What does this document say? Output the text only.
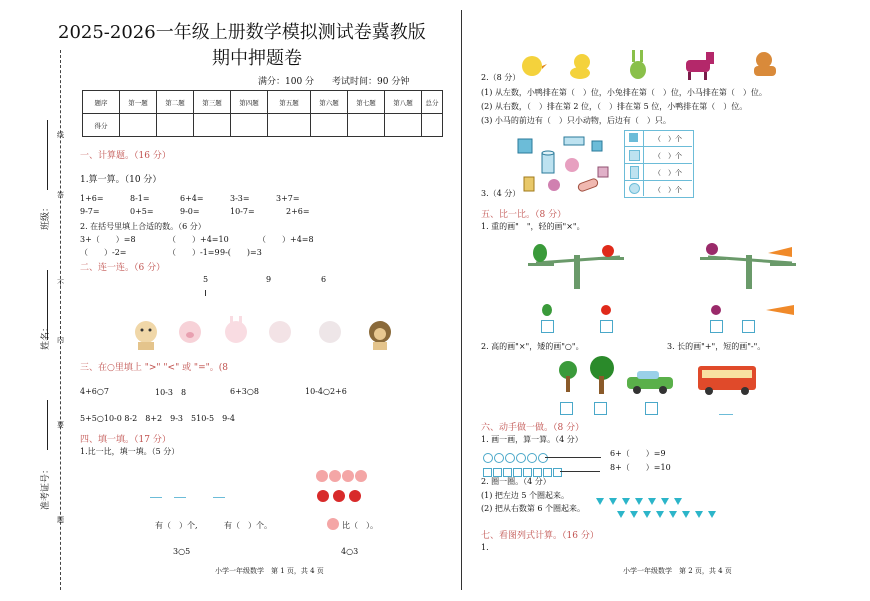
2025-2026一年级上册数学模拟测试卷冀教版
期中押题卷
满分：100 分　　考试时间：90 分钟
班级：
姓名：
准考证号：
线
内
不
要
答
题
题序	第一题	第二题	第三题	第四题	第五题	第六题	第七题	第八题	总分
得分									
一、计算题。（16 分）
1.算一算。（10 分）
1+6=	8-1=	6+4=	3-3=	3+7=
9-7=	0+5=	9-0=	10-7=	2+6=
2. 在括号里填上合适的数。（6 分）
3+（　　）=8	（　　）+4=10	（　　）+4=8
（　　）-2=	（　　）-1=9 9-(　　)=3
二、连一连。（6 分）
5	9	6
三、在○里填上 ">" "<" 或 "="。(8
4+6○7	10-3　8	6+3○8	10-4○2+6
5+5○10-0 8-2　8+2　9-3　510-5　9-4
四、填一填。（17 分）
1.比一比，填一填。（5 分）
有（　）个,	有（　）个。	比（　）。
3○5	4○3
小学一年级数学　第 1 页，共 4 页
2.（8 分）
(1) 从左数，小鸭排在第（　）位，小兔排在第（　）位，小马排在第（　）位。
(2) 从右数，（　）排在第 2 位，（　）排在第 5 位，小鸭排在第（　）位。
(3) 小马的前边有（　）只小动物，后边有（　）只。
（　）个
（　）个
（　）个
（　）个
3.（4 分）
五、比一比。（8 分）
1. 重的画"　"，轻的画"×"。
2. 高的画"×"，矮的画"○"。	3. 长的画"+"，短的画"-"。
六、动手做一做。（8 分）
1. 画一画，算一算。（4 分）
6+（　　）=9
8+（　　）=10
2. 圈一圈。（4 分）
(1) 把左边 5 个圈起来。
(2) 把从右数第 6 个圈起来。
七、看图列式计算。（16 分）
1.
小学一年级数学　第 2 页，共 4 页
